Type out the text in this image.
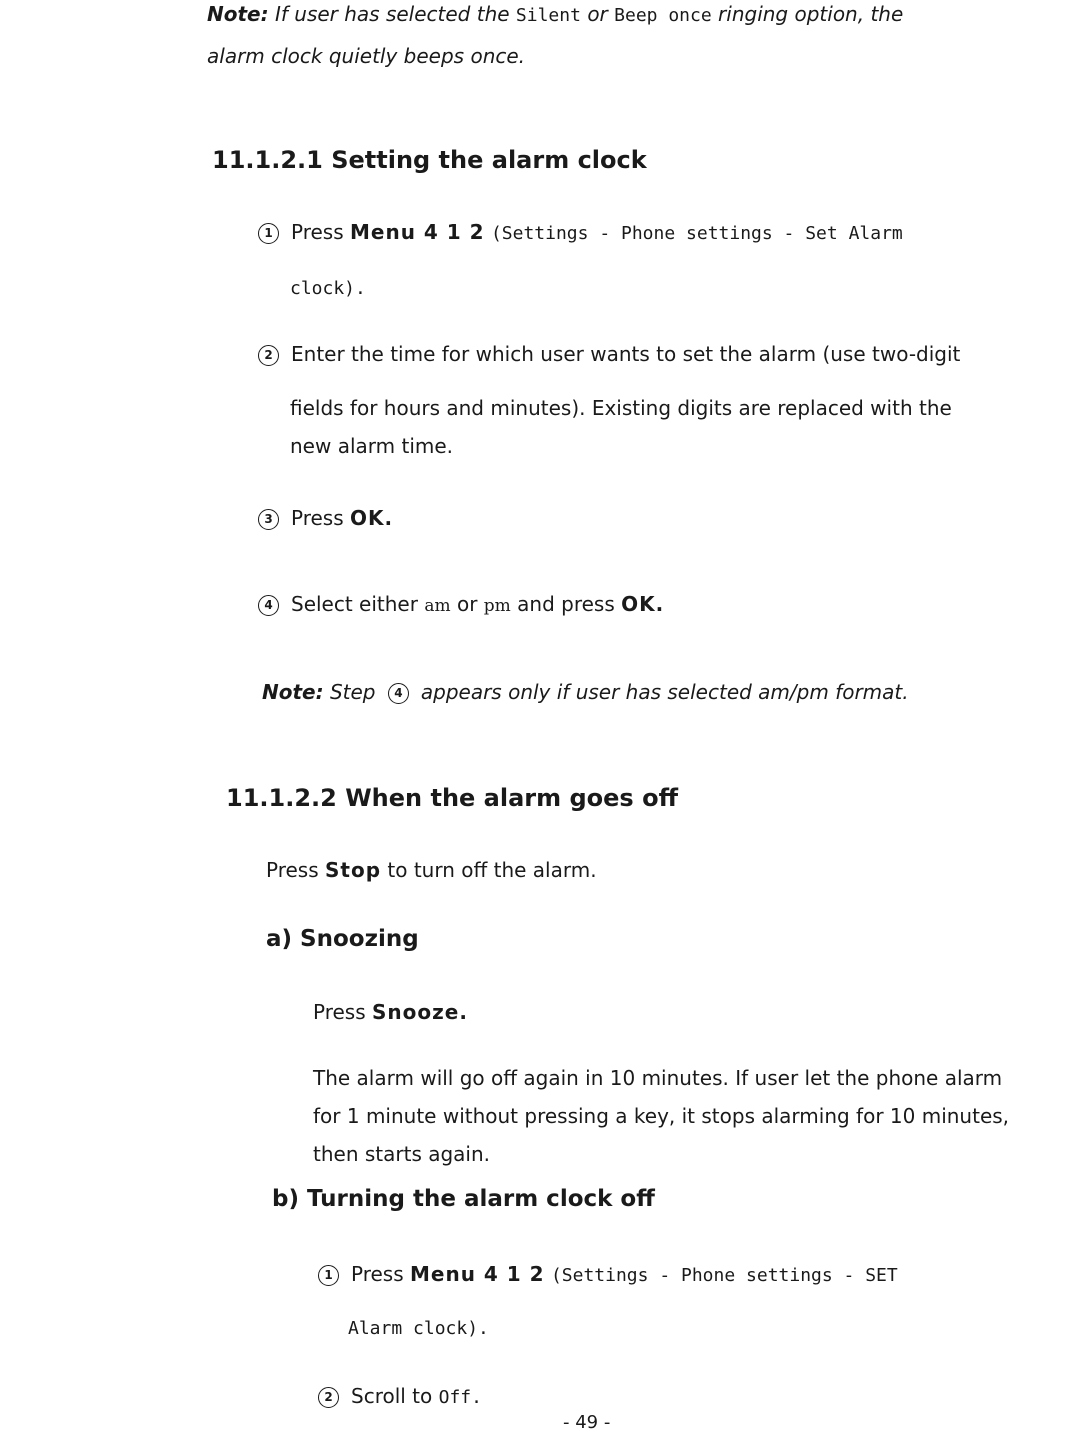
Note: If user has selected the Silent or Beep once ringing option, the
alarm clock quietly beeps once.
11.1.2.1 Setting the alarm clock
1 Press Menu 4 1 2 (Settings - Phone settings - Set Alarm
clock).
2 Enter the time for which user wants to set the alarm (use two-digit
fields for hours and minutes). Existing digits are replaced with the
new alarm time.
3 Press OK.
4 Select either am or pm and press OK.
Note: Step 4 appears only if user has selected am/pm format.
11.1.2.2 When the alarm goes off
Press Stop to turn off the alarm.
a) Snoozing
Press Snooze.
The alarm will go off again in 10 minutes. If user let the phone alarm
for 1 minute without pressing a key, it stops alarming for 10 minutes,
then starts again.
b) Turning the alarm clock off
1 Press Menu 4 1 2 (Settings - Phone settings - SET
Alarm clock).
2 Scroll to Off.
- 49 -
